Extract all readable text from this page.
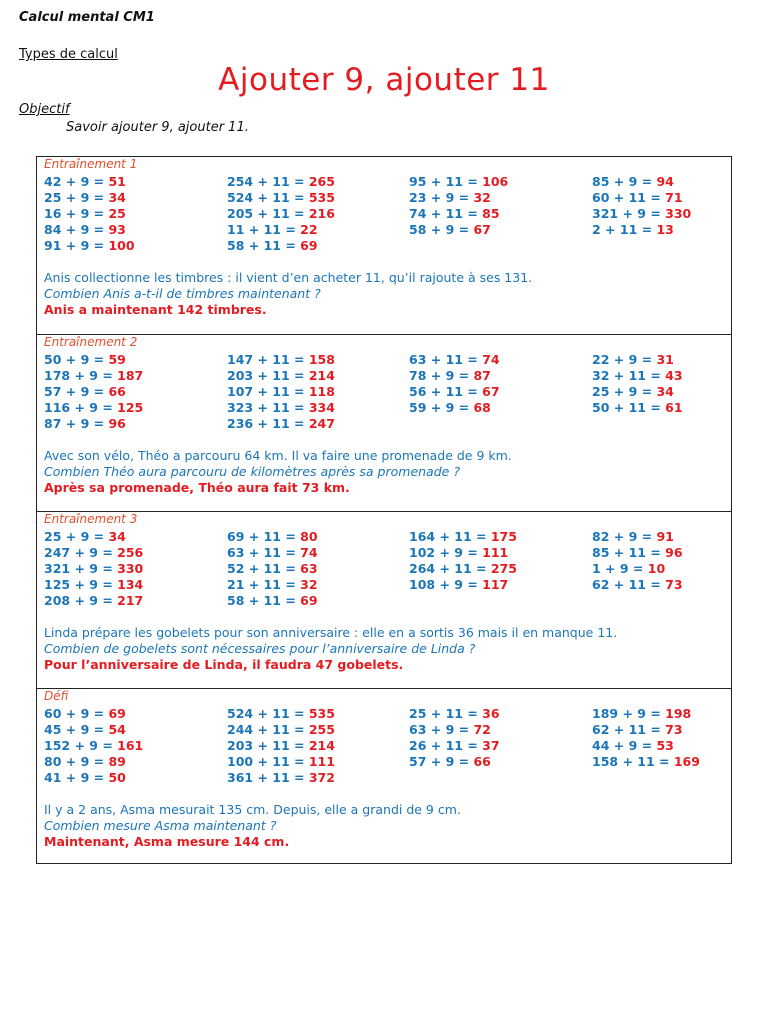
Calcul mental CM1
Types de calcul
Ajouter 9, ajouter 11
Objectif
Savoir ajouter 9, ajouter 11.
Entraînement 1
42 + 9 = 51
25 + 9 = 34
16 + 9 = 25
84 + 9 = 93
91 + 9 = 100
254 + 11 = 265
524 + 11 = 535
205 + 11 = 216
11 + 11 = 22
58 + 11 = 69
95 + 11 = 106
23 + 9 = 32
74 + 11 = 85
58 + 9 = 67
85 + 9 = 94
60 + 11 = 71
321 + 9 = 330
2 + 11 = 13
Anis collectionne les timbres : il vient d’en acheter 11, qu’il rajoute à ses 131.
Combien Anis a-t-il de timbres maintenant ?
Anis a maintenant 142 timbres.
Entraînement 2
50 + 9 = 59
178 + 9 = 187
57 + 9 = 66
116 + 9 = 125
87 + 9 = 96
147 + 11 = 158
203 + 11 = 214
107 + 11 = 118
323 + 11 = 334
236 + 11 = 247
63 + 11 = 74
78 + 9 = 87
56 + 11 = 67
59 + 9 = 68
22 + 9 = 31
32 + 11 = 43
25 + 9 = 34
50 + 11 = 61
Avec son vélo, Théo a parcouru 64 km. Il va faire une promenade de 9 km.
Combien Théo aura parcouru de kilomètres après sa promenade ?
Après sa promenade, Théo aura fait 73 km.
Entraînement 3
25 + 9 = 34
247 + 9 = 256
321 + 9 = 330
125 + 9 = 134
208 + 9 = 217
69 + 11 = 80
63 + 11 = 74
52 + 11 = 63
21 + 11 = 32
58 + 11 = 69
164 + 11 = 175
102 + 9 = 111
264 + 11 = 275
108 + 9 = 117
82 + 9 = 91
85 + 11 = 96
1 + 9 = 10
62 + 11 = 73
Linda prépare les gobelets pour son anniversaire : elle en a sortis 36 mais il en manque 11.
Combien de gobelets sont nécessaires pour l’anniversaire de Linda ?
Pour l’anniversaire de Linda, il faudra 47 gobelets.
Défi
60 + 9 = 69
45 + 9 = 54
152 + 9 = 161
80 + 9 = 89
41 + 9 = 50
524 + 11 = 535
244 + 11 = 255
203 + 11 = 214
100 + 11 = 111
361 + 11 = 372
25 + 11 = 36
63 + 9 = 72
26 + 11 = 37
57 + 9 = 66
189 + 9 = 198
62 + 11 = 73
44 + 9 = 53
158 + 11 = 169
Il y a 2 ans, Asma mesurait 135 cm. Depuis, elle a grandi de 9 cm.
Combien mesure Asma maintenant ?
Maintenant, Asma mesure 144 cm.
